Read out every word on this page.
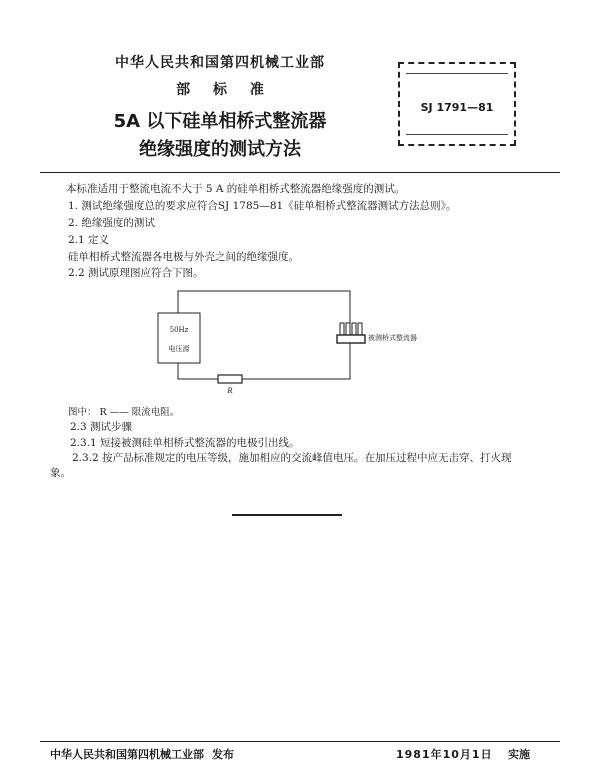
中华人民共和国第四机械工业部
部 标 准
5A 以下硅单相桥式整流器
绝缘强度的测试方法
SJ 1791—81
本标准适用于整流电流不大于 5 A 的硅单相桥式整流器绝缘强度的测试。
1. 测试绝缘强度总的要求应符合SJ 1785—81《硅单相桥式整流器测试方法总则》。
2. 绝缘强度的测试
2.1 定义
硅单相桥式整流器各电极与外壳之间的绝缘强度。
2.2 测试原理图应符合下图。
50Hz
电压源
R
被测桥式整流器
图中： R —— 限流电阻。
2.3 测试步骤
2.3.1 短接被测硅单相桥式整流器的电极引出线。
2.3.2 按产品标准规定的电压等级，施加相应的交流峰值电压。在加压过程中应无击穿、打火现
象。
中华人民共和国第四机械工业部 发布	1981年10月1日 实施
